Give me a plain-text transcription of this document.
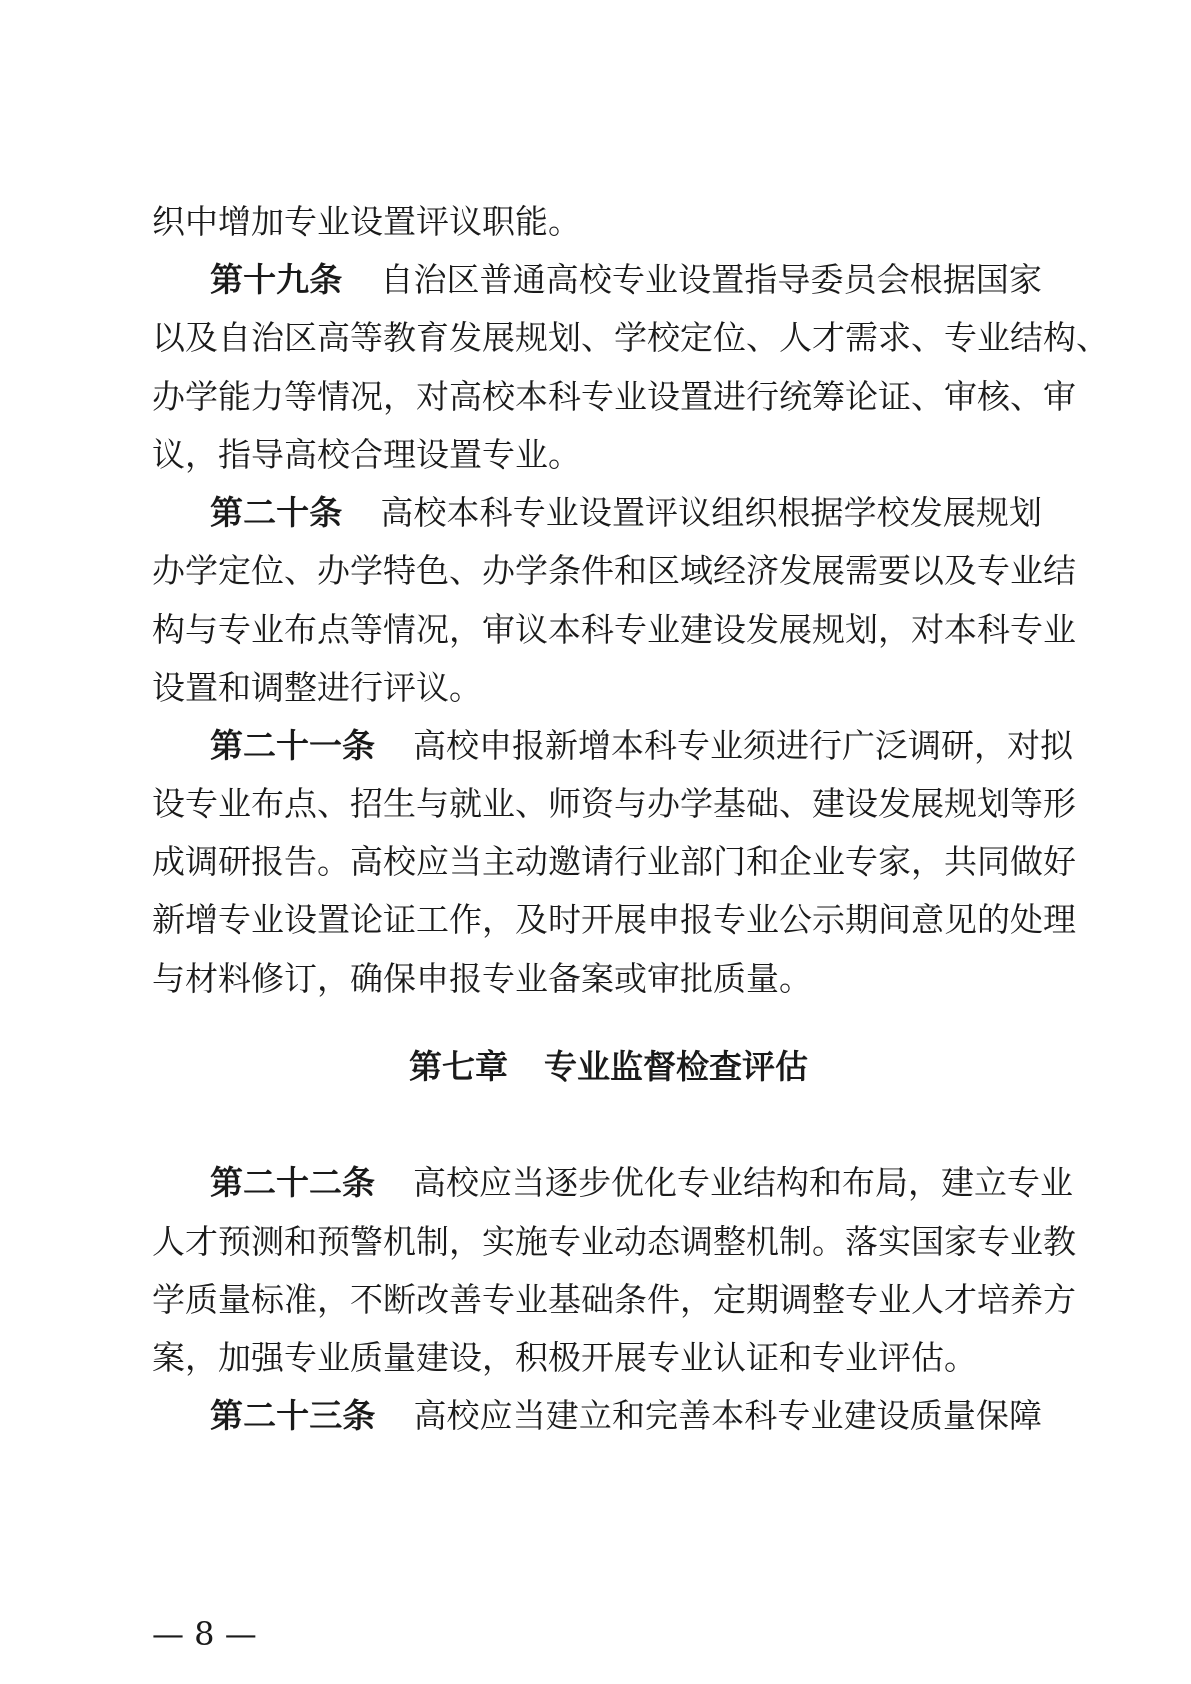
织中增加专业设置评议职能。
第十九条 自治区普通高校专业设置指导委员会根据国家
以及自治区高等教育发展规划、学校定位、人才需求、专业结构、
办学能力等情况，对高校本科专业设置进行统筹论证、审核、审
议，指导高校合理设置专业。
第二十条 高校本科专业设置评议组织根据学校发展规划
办学定位、办学特色、办学条件和区域经济发展需要以及专业结
构与专业布点等情况，审议本科专业建设发展规划，对本科专业
设置和调整进行评议。
第二十一条 高校申报新增本科专业须进行广泛调研，对拟
设专业布点、招生与就业、师资与办学基础、建设发展规划等形
成调研报告。高校应当主动邀请行业部门和企业专家，共同做好
新增专业设置论证工作，及时开展申报专业公示期间意见的处理
与材料修订，确保申报专业备案或审批质量。
第七章 专业监督检查评估
第二十二条 高校应当逐步优化专业结构和布局，建立专业
人才预测和预警机制，实施专业动态调整机制。落实国家专业教
学质量标准，不断改善专业基础条件，定期调整专业人才培养方
案，加强专业质量建设，积极开展专业认证和专业评估。
第二十三条 高校应当建立和完善本科专业建设质量保障
— 8 —
